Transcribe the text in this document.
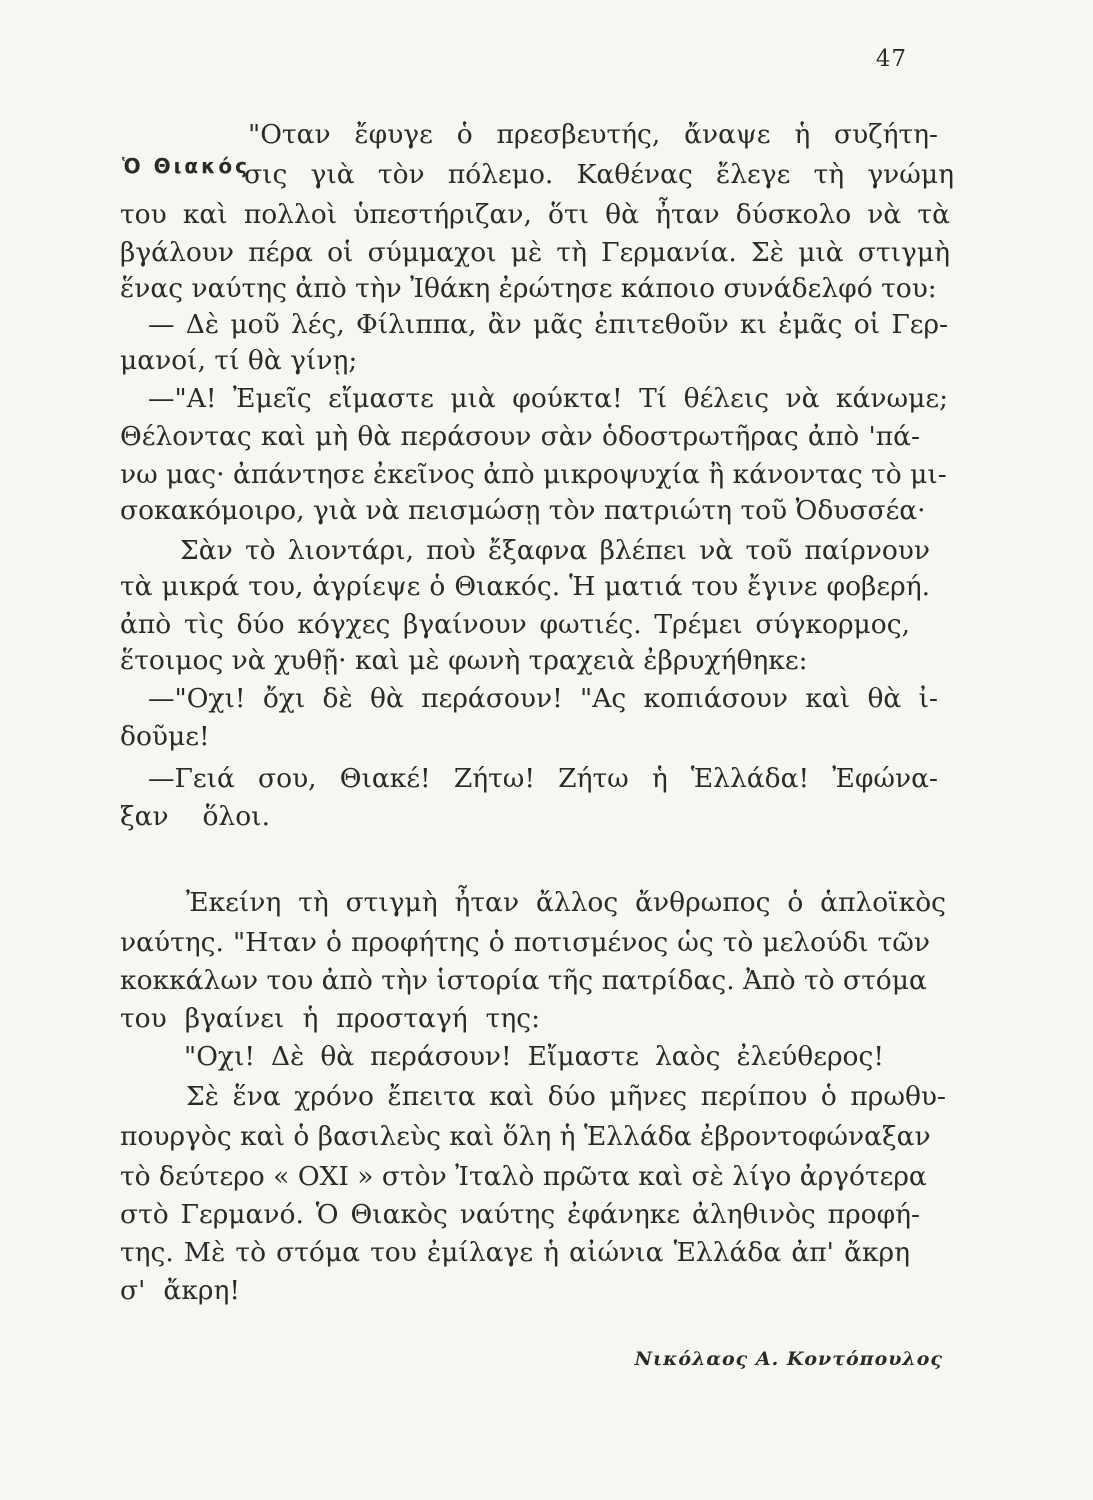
47
Ὁ Θιακός
"Οταν ἔφυγε ὁ πρεσβευτής, ἄναψε ἡ συζήτη-
σις γιὰ τὸν πόλεμο. Καθένας ἔλεγε τὴ γνώμη
του καὶ πολλοὶ ὑπεστήριζαν, ὅτι θὰ ἦταν δύσκολο νὰ τὰ
βγάλουν πέρα οἱ σύμμαχοι μὲ τὴ Γερμανία. Σὲ μιὰ στιγμὴ
ἕνας ναύτης ἀπὸ τὴν Ἰθάκη ἐρώτησε κάποιο συνάδελφό του:
— Δὲ μοῦ λές, Φίλιππα, ἂν μᾶς ἐπιτεθοῦν κι ἐμᾶς οἱ Γερ-
μανοί, τί θὰ γίνῃ;
—"Α! Ἐμεῖς εἴμαστε μιὰ φούκτα! Τί θέλεις νὰ κάνωμε;
Θέλοντας καὶ μὴ θὰ περάσουν σὰν ὁδοστρωτῆρας ἀπὸ 'πά-
νω μας· ἀπάντησε ἐκεῖνος ἀπὸ μικροψυχία ἢ κάνοντας τὸ μι-
σοκακόμοιρο, γιὰ νὰ πεισμώσῃ τὸν πατριώτη τοῦ Ὀδυσσέα·
Σὰν τὸ λιοντάρι, ποὺ ἔξαφνα βλέπει νὰ τοῦ παίρνουν
τὰ μικρά του, ἀγρίεψε ὁ Θιακός. Ἡ ματιά του ἔγινε φοβερή.
ἀπὸ τὶς δύο κόγχες βγαίνουν φωτιές. Τρέμει σύγκορμος,
ἕτοιμος νὰ χυθῇ· καὶ μὲ φωνὴ τραχειὰ ἐβρυχήθηκε:
—"Οχι! ὄχι δὲ θὰ περάσουν! "Ας κοπιάσουν καὶ θὰ ἰ-
δοῦμε!
—Γειά σου, Θιακέ! Ζήτω! Ζήτω ἡ Ἑλλάδα! Ἐφώνα-
ξαν ὅλοι.
Ἐκείνη τὴ στιγμὴ ἦταν ἄλλος ἄνθρωπος ὁ ἁπλοϊκὸς
ναύτης. "Ηταν ὁ προφήτης ὁ ποτισμένος ὡς τὸ μελούδι τῶν
κοκκάλων του ἀπὸ τὴν ἱστορία τῆς πατρίδας. Ἀπὸ τὸ στόμα
του βγαίνει ἡ προσταγή της:
"Οχι! Δὲ θὰ περάσουν! Εἴμαστε λαὸς ἐλεύθερος!
Σὲ ἕνα χρόνο ἔπειτα καὶ δύο μῆνες περίπου ὁ πρωθυ-
πουργὸς καὶ ὁ βασιλεὺς καὶ ὅλη ἡ Ἑλλάδα ἐβροντοφώναξαν
τὸ δεύτερο « ΟΧΙ » στὸν Ἰταλὸ πρῶτα καὶ σὲ λίγο ἀργότερα
στὸ Γερμανό. Ὁ Θιακὸς ναύτης ἐφάνηκε ἀληθινὸς προφή-
της. Μὲ τὸ στόμα του ἐμίλαγε ἡ αἰώνια Ἑλλάδα ἀπ' ἄκρη
σ' ἄκρη!
Νικόλαος Α. Κοντόπουλος
